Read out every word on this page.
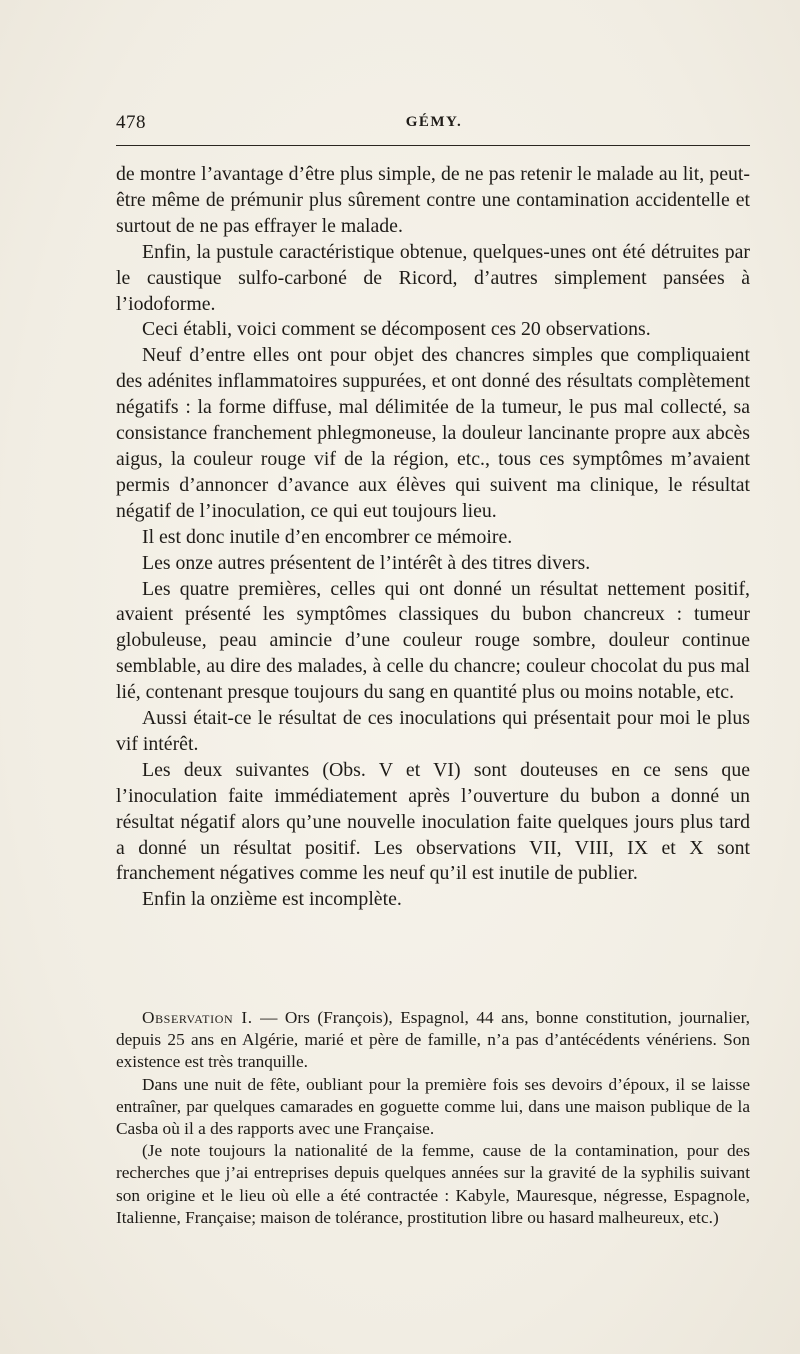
478	GÉMY.

de montre l’avantage d’être plus simple, de ne pas retenir le malade au lit, peut-être même de prémunir plus sûrement contre une contamination accidentelle et surtout de ne pas effrayer le malade.

Enfin, la pustule caractéristique obtenue, quelques-unes ont été détruites par le caustique sulfo-carboné de Ricord, d’autres simplement pansées à l’iodoforme.

Ceci établi, voici comment se décomposent ces 20 observations.

Neuf d’entre elles ont pour objet des chancres simples que compliquaient des adénites inflammatoires suppurées, et ont donné des résultats complètement négatifs : la forme diffuse, mal délimitée de la tumeur, le pus mal collecté, sa consistance franchement phlegmoneuse, la douleur lancinante propre aux abcès aigus, la couleur rouge vif de la région, etc., tous ces symptômes m’avaient permis d’annoncer d’avance aux élèves qui suivent ma clinique, le résultat négatif de l’inoculation, ce qui eut toujours lieu.

Il est donc inutile d’en encombrer ce mémoire.

Les onze autres présentent de l’intérêt à des titres divers.

Les quatre premières, celles qui ont donné un résultat nettement positif, avaient présenté les symptômes classiques du bubon chancreux : tumeur globuleuse, peau amincie d’une couleur rouge sombre, douleur continue semblable, au dire des malades, à celle du chancre; couleur chocolat du pus mal lié, contenant presque toujours du sang en quantité plus ou moins notable, etc.

Aussi était-ce le résultat de ces inoculations qui présentait pour moi le plus vif intérêt.

Les deux suivantes (Obs. V et VI) sont douteuses en ce sens que l’inoculation faite immédiatement après l’ouverture du bubon a donné un résultat négatif alors qu’une nouvelle inoculation faite quelques jours plus tard a donné un résultat positif. Les observations VII, VIII, IX et X sont franchement négatives comme les neuf qu’il est inutile de publier.

Enfin la onzième est incomplète.

Observation I. — Ors (François), Espagnol, 44 ans, bonne constitution, journalier, depuis 25 ans en Algérie, marié et père de famille, n’a pas d’antécédents vénériens. Son existence est très tranquille.

Dans une nuit de fête, oubliant pour la première fois ses devoirs d’époux, il se laisse entraîner, par quelques camarades en goguette comme lui, dans une maison publique de la Casba où il a des rapports avec une Française.

(Je note toujours la nationalité de la femme, cause de la contamination, pour des recherches que j’ai entreprises depuis quelques années sur la gravité de la syphilis suivant son origine et le lieu où elle a été contractée : Kabyle, Mauresque, négresse, Espagnole, Italienne, Française; maison de tolérance, prostitution libre ou hasard malheureux, etc.)
